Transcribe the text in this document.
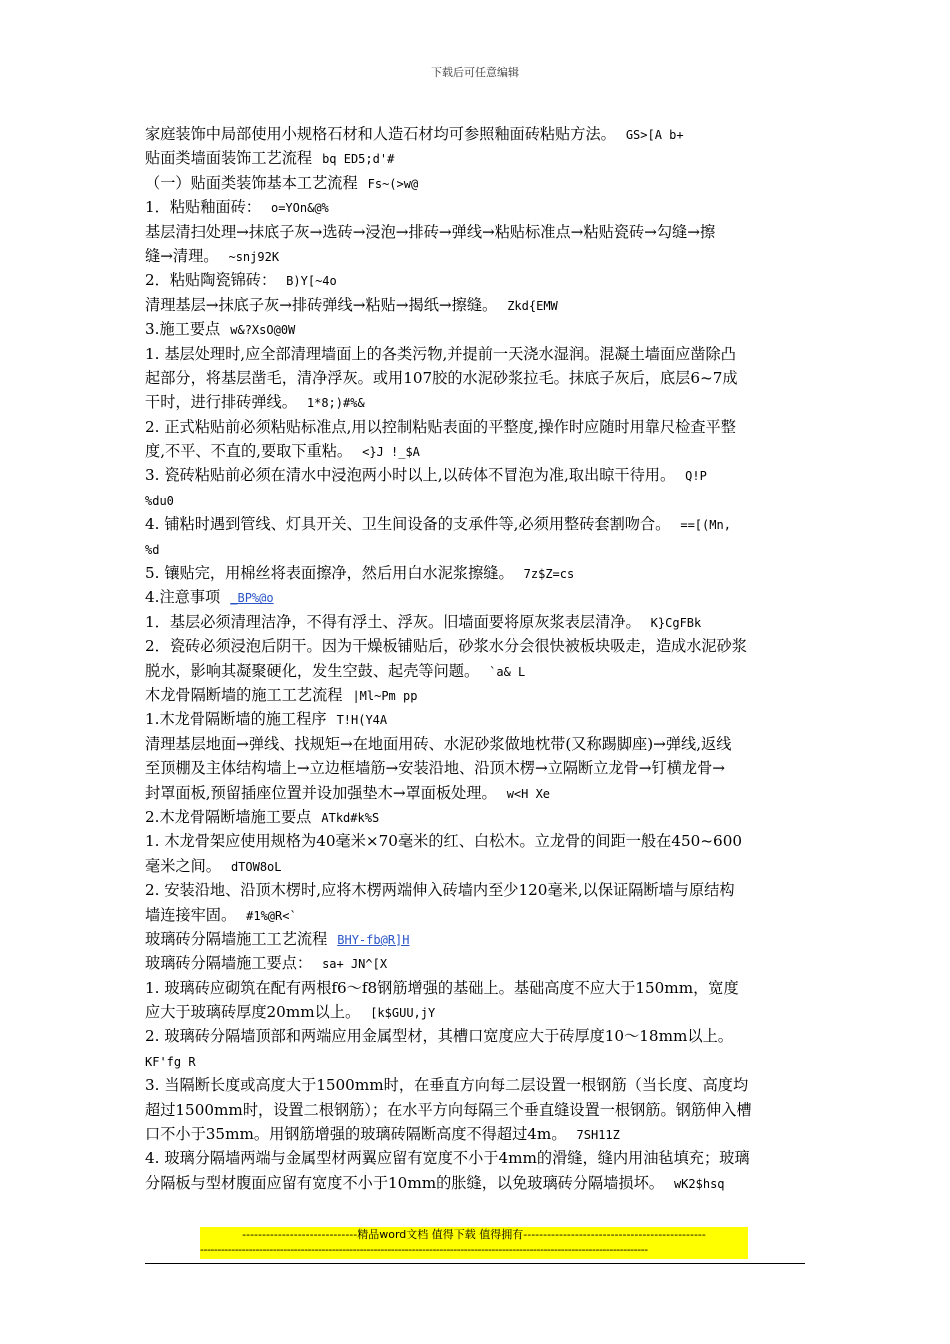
下载后可任意编辑
家庭装饰中局部使用小规格石材和人造石材均可参照釉面砖粘贴方法。 GS>[A b+
贴面类墙面装饰工艺流程 bq ED5;d'#
（一）贴面类装饰基本工艺流程 Fs~(>w@
1．粘贴釉面砖： o=YOn&@%
基层清扫处理→抹底子灰→选砖→浸泡→排砖→弹线→粘贴标准点→粘贴瓷砖→勾缝→擦
缝→清理。 ~snj92K
2．粘贴陶瓷锦砖： B)Y[~4o
清理基层→抹底子灰→排砖弹线→粘贴→揭纸→擦缝。 Zkd{EMW
3.施工要点 w&?XsO@0W
1. 基层处理时,应全部清理墙面上的各类污物,并提前一天浇水湿润。混凝土墙面应凿除凸
起部分，将基层凿毛，清净浮灰。或用107胶的水泥砂浆拉毛。抹底子灰后，底层6~7成
干时，进行排砖弹线。 1*8;)#%&
2. 正式粘贴前必须粘贴标准点,用以控制粘贴表面的平整度,操作时应随时用靠尺检查平整
度,不平、不直的,要取下重粘。 <}J !_$A
3. 瓷砖粘贴前必须在清水中浸泡两小时以上,以砖体不冒泡为准,取出晾干待用。 Q!P
%du0
4. 铺粘时遇到管线、灯具开关、卫生间设备的支承件等,必须用整砖套割吻合。 ==[(Mn,
%d
5. 镶贴完，用棉丝将表面擦净，然后用白水泥浆擦缝。 7z$Z=cs
4.注意事项 _BP%@o
1．基层必须清理洁净，不得有浮土、浮灰。旧墙面要将原灰浆表层清净。 K}CgFBk
2．瓷砖必须浸泡后阴干。因为干燥板铺贴后，砂浆水分会很快被板块吸走，造成水泥砂浆
脱水，影响其凝聚硬化，发生空鼓、起壳等问题。 `a& L
木龙骨隔断墙的施工工艺流程 |Ml~Pm pp
1.木龙骨隔断墙的施工程序 T!H(Y4A
清理基层地面→弹线、找规矩→在地面用砖、水泥砂浆做地枕带(又称踢脚座)→弹线,返线
至顶棚及主体结构墙上→立边框墙筋→安装沿地、沿顶木楞→立隔断立龙骨→钉横龙骨→
封罩面板,预留插座位置并设加强垫木→罩面板处理。 w<H Xe
2.木龙骨隔断墙施工要点 ATkd#k%S
1. 木龙骨架应使用规格为40毫米×70毫米的红、白松木。立龙骨的间距一般在450~600
毫米之间。 dTOW8oL
2. 安装沿地、沿顶木楞时,应将木楞两端伸入砖墙内至少120毫米,以保证隔断墙与原结构
墙连接牢固。 #1%@R<`
玻璃砖分隔墙施工工艺流程 BHY-fb@R]H
玻璃砖分隔墙施工要点： sa+ JN^[X
1. 玻璃砖应砌筑在配有两根f6～f8钢筋增强的基础上。基础高度不应大于150mm，宽度
应大于玻璃砖厚度20mm以上。 [k$GUU,jY
2. 玻璃砖分隔墙顶部和两端应用金属型材，其槽口宽度应大于砖厚度10～18mm以上。
KF'fg R
3. 当隔断长度或高度大于1500mm时，在垂直方向每二层设置一根钢筋（当长度、高度均
超过1500mm时，设置二根钢筋）；在水平方向每隔三个垂直缝设置一根钢筋。钢筋伸入槽
口不小于35mm。用钢筋增强的玻璃砖隔断高度不得超过4m。 7SH11Z
4. 玻璃分隔墙两端与金属型材两翼应留有宽度不小于4mm的滑缝，缝内用油毡填充；玻璃
分隔板与型材腹面应留有宽度不小于10mm的胀缝，以免玻璃砖分隔墙损坏。 wK2$hsq
-----------------------------精品word文档 值得下载 值得拥有----------------------------------------------
---------------------------------------------------------------------------------------------------------------------------------
